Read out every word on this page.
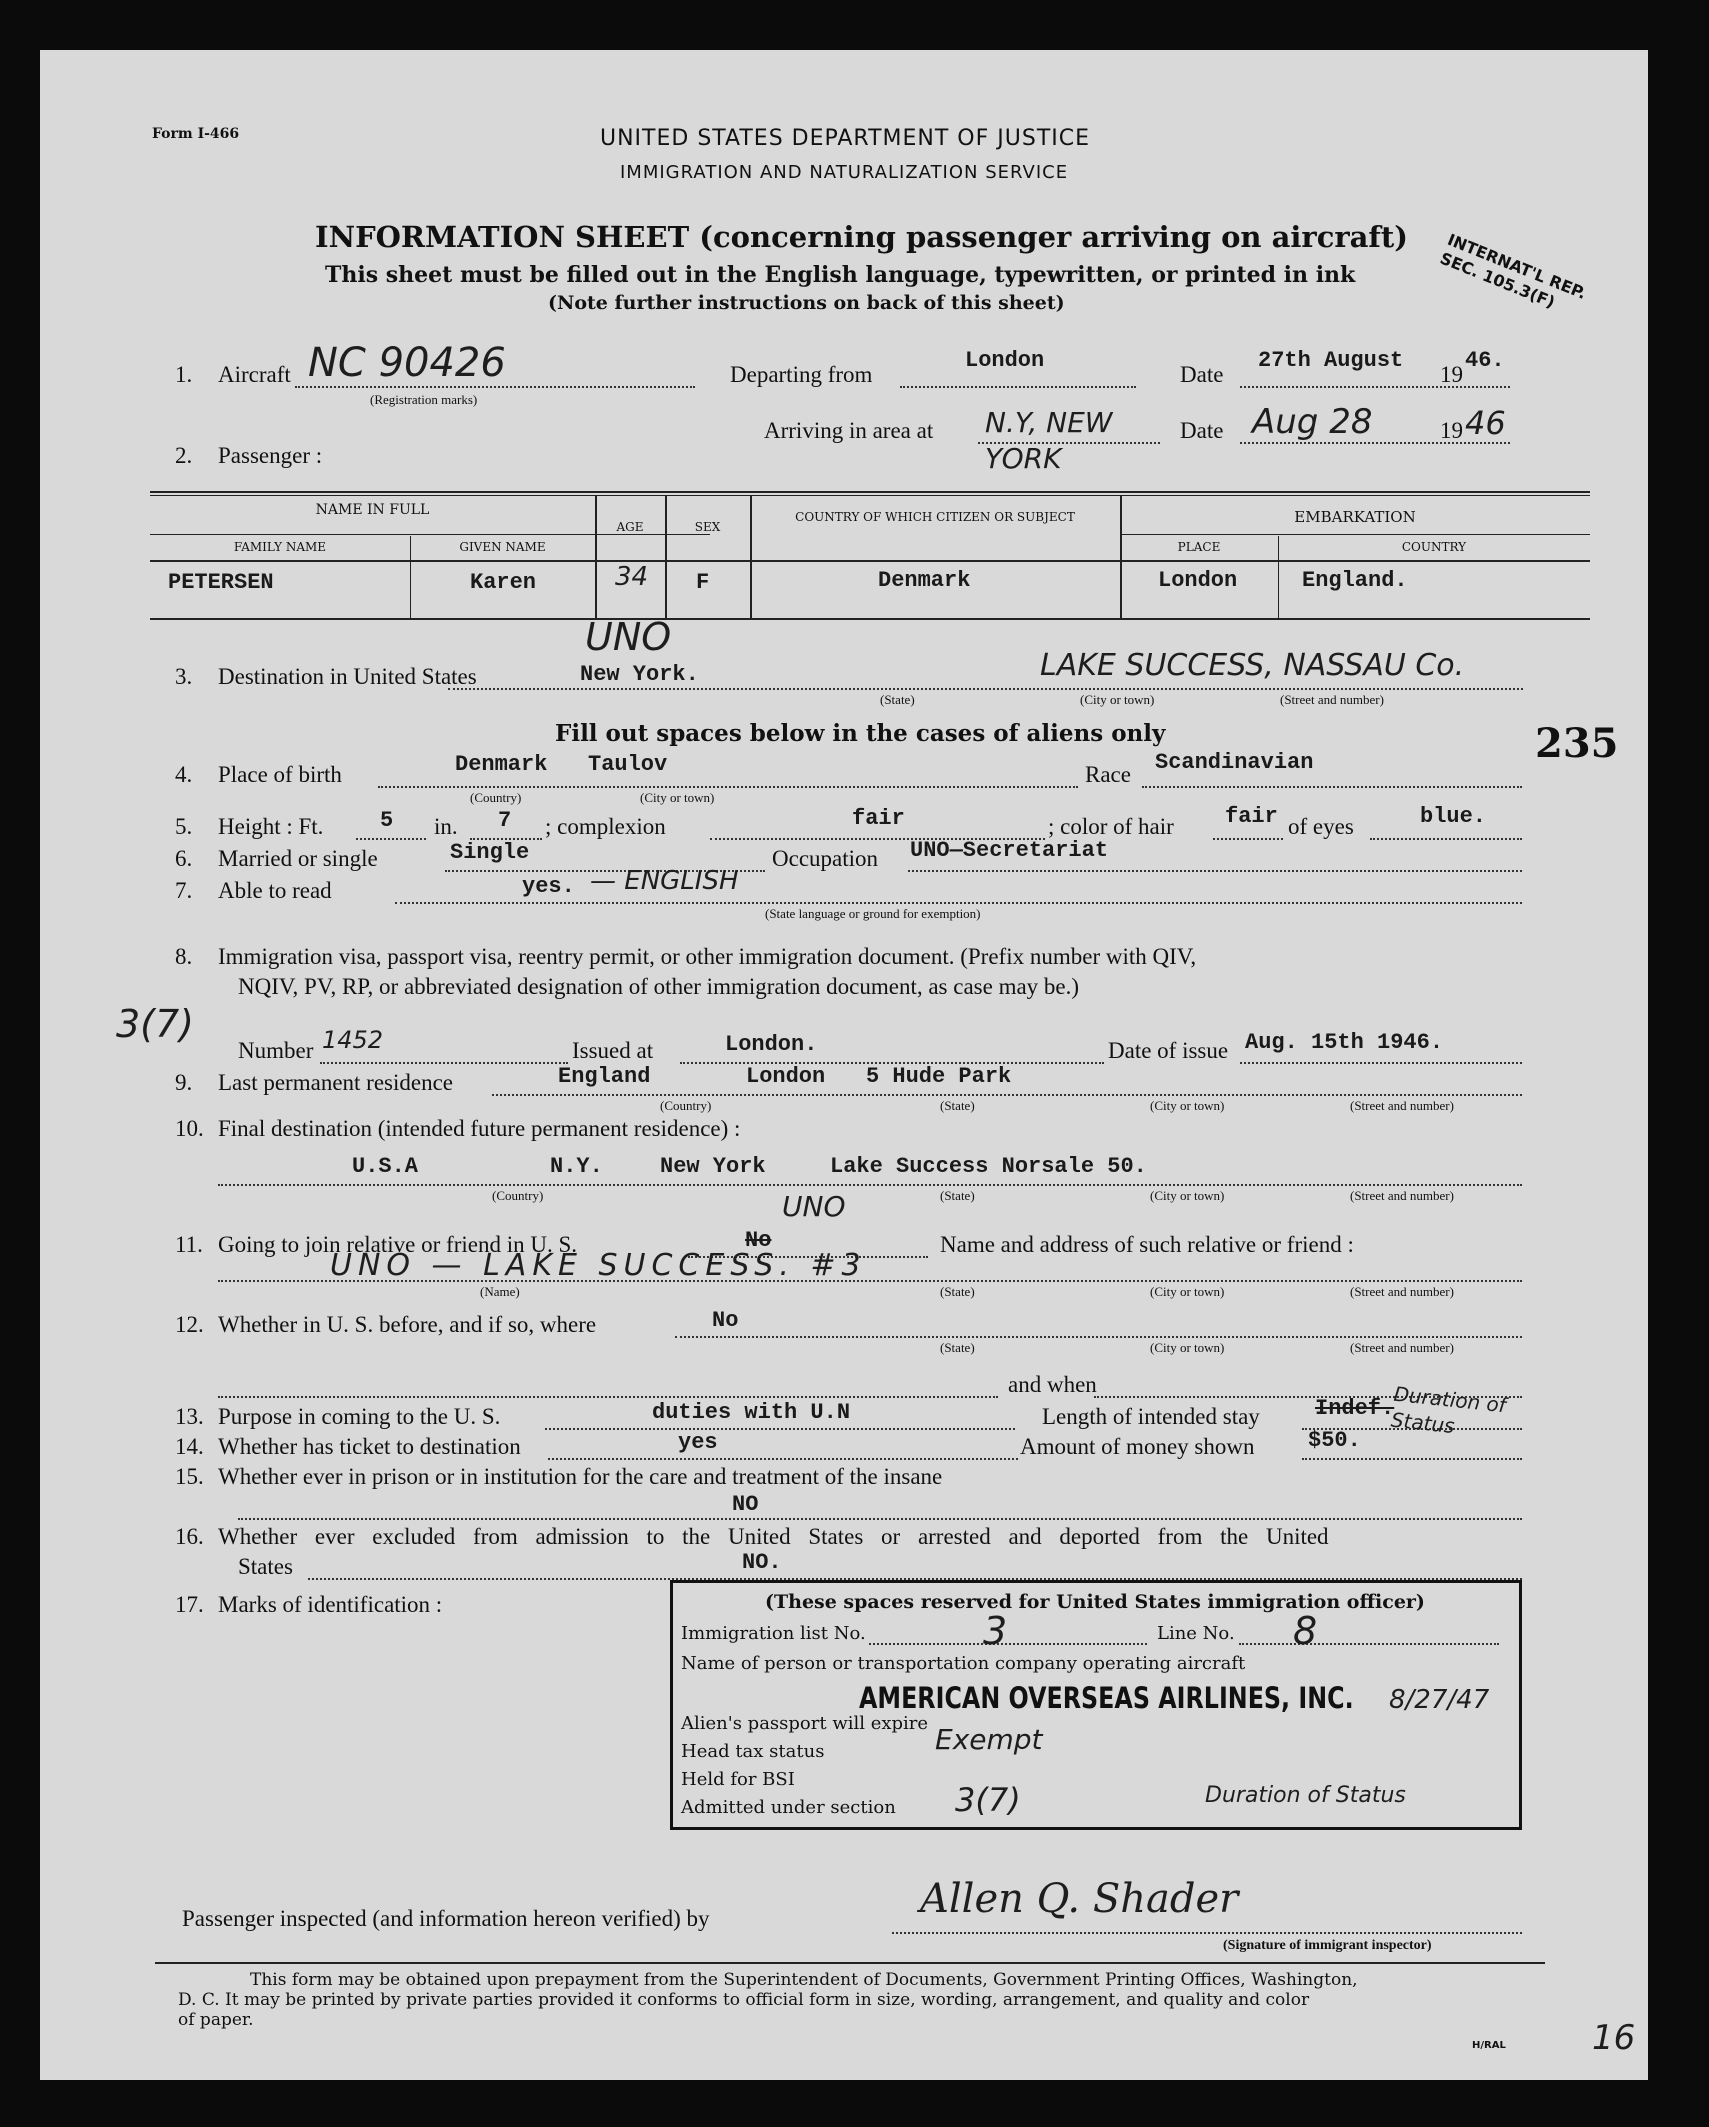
Form I-466	UNITED STATES DEPARTMENT OF JUSTICE
IMMIGRATION AND NATURALIZATION SERVICE
INFORMATION SHEET (concerning passenger arriving on aircraft)
This sheet must be filled out in the English language, typewritten, or printed in ink
(Note further instructions on back of this sheet)
INTERNAT'L REP. SEC. 105.3(F)
1. Aircraft NC 90426
(Registration marks)
Departing from
London
Date
27th August
19
46.
Arriving in area at N.Y, NEW
YORK
Date Aug 28	19 46
2. Passenger :
NAME IN FULL
FAMILY NAME	GIVEN NAME
AGE	SEX
COUNTRY OF WHICH CITIZEN OR SUBJECT	EMBARKATION
PLACE	COUNTRY
PETERSEN	Karen	34 F	Denmark	London	England.
3. Destination in United States
UNO
New York.	LAKE SUCCESS, NASSAU Co.
(State)	(City or town)	(Street and number)
Fill out spaces below in the cases of aliens only	235
4. Place of birth	Denmark Taulov
(Country)	(City or town)
Race Scandinavian
5. Height : Ft.	5 in. 7 ; complexion	fair	; color of hair fair of eyes	blue.
6. Married or single	Single	Occupation UNO—Secretariat
7. Able to read	yes. — ENGLISH
(State language or ground for exemption)
8. Immigration visa, passport visa, reentry permit, or other immigration document. (Prefix number with QIV,
NQIV, PV, RP, or abbreviated designation of other immigration document, as case may be.)
3(7)
Number 1452	Issued at	London.	Date of issue Aug. 15th 1946.
9. Last permanent residence	England	London 5 Hude Park
(Country)	(State)	(City or town)	(Street and number)
10. Final destination (intended future permanent residence) :
U.S.A	N.Y.	New York	Lake Success Norsale 50.
(Country)	(State)	(City or town)	(Street and number)
11. Going to join relative or friend in U. S.	No
UNO
Name and address of such relative or friend :
UNO — LAKE SUCCESS. #3
(Name)	(State)	(City or town)	(Street and number)
12. Whether in U. S. before, and if so, where	No
(State)	(City or town)	(Street and number)
and when
13. Purpose in coming to the U. S.	duties with U.N	Length of intended stay	Indef.
Duration of Status
14. Whether has ticket to destination	yes	Amount of money shown $50.
15. Whether ever in prison or in institution for the care and treatment of the insane
NO
16. Whether ever excluded from admission to the United States or arrested and deported from the United
States	NO.
17. Marks of identification :	(These spaces reserved for United States immigration officer)
Immigration list No.	3	Line No. 8
Name of person or transportation company operating aircraft
AMERICAN OVERSEAS AIRLINES, INC. 8/27/47
Alien's passport will expire
Head tax status	Exempt
Held for BSI
Admitted under section 3(7)	Duration of Status
Passenger inspected (and information hereon verified) by	Allen Q. Shader
(Signature of immigrant inspector)
This form may be obtained upon prepayment from the Superintendent of Documents, Government Printing Offices, Washington,
D. C. It may be printed by private parties provided it conforms to official form in size, wording, arrangement, and quality and color
of paper.
H/RAL	16
